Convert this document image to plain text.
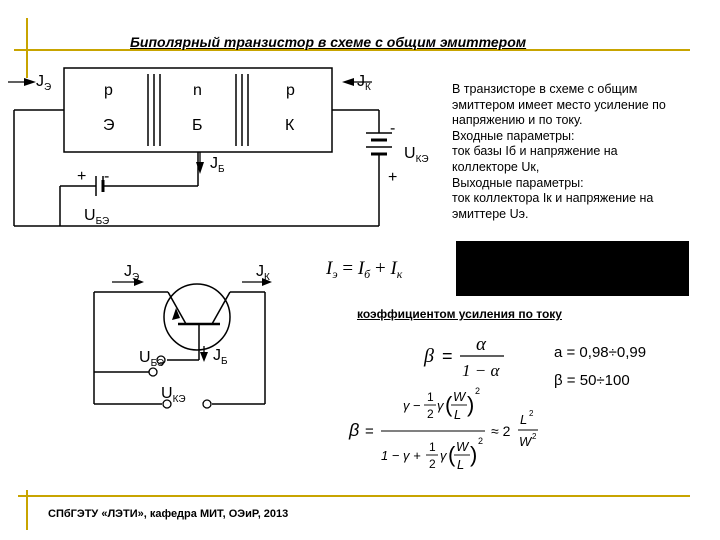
Биполярный транзистор в схеме с общим эмиттером
p	n	p
Э	Б	К
$J_Э$	$J_К$
$J_Б$
+ -
$U_{БЭ}$
-
+
$U_{КЭ}$
В транзисторе в схеме с общим
эмиттером имеет место усиление по
напряжению и по току.
Входные параметры:
ток базы Iб и напряжение на
коллекторе Uк,
Выходные параметры:
ток коллектора Iк и напряжение на
эмиттере Uэ.
$I_э = I_б + I_к$
$J_Э$	$J_К$
$J_Б$
$U_{БЭ}$
$U_{КЭ}$
коэффициентом усиления по току
β =
α
1 − α
a = 0,98÷0,99
β = 50÷100
β =
γ −
1
2
γ ( W
L )
2
1 − γ +
1
2
γ ( W
L )
2
≈ 2
L 2
W 2
СПбГЭТУ «ЛЭТИ», кафедра МИТ, ОЭиР, 2013
